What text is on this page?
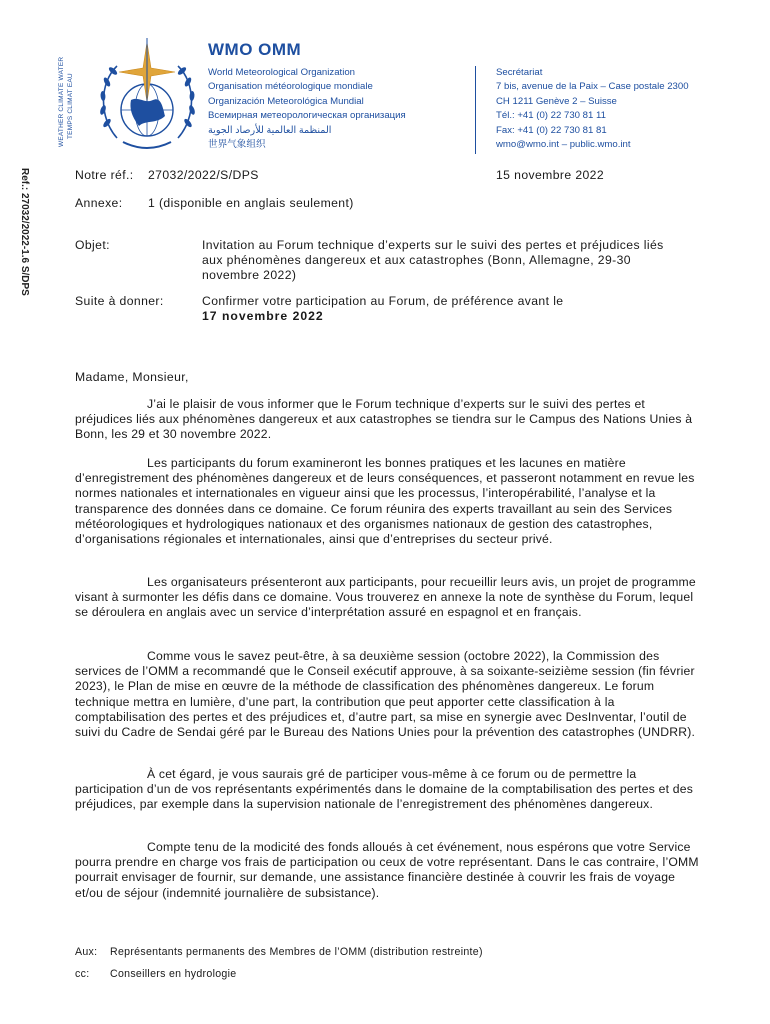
WEATHER CLIMATE WATER TEMPS CLIMAT EAU
WMO OMM
World Meteorological Organization
Organisation météorologique mondiale
Organización Meteorológica Mundial
Всемирная метеорологическая организация
المنظمة العالمية للأرصاد الجوية
世界气象组织
Secrétariat
7 bis, avenue de la Paix – Case postale 2300
CH 1211 Genève 2 – Suisse
Tél.: +41 (0) 22 730 81 11
Fax: +41 (0) 22 730 81 81
wmo@wmo.int – public.wmo.int
Ref.: 27032/2022-1.6 S/DPS	Notre réf.: 27032/2022/S/DPS	15 novembre 2022
Annexe: 1 (disponible en anglais seulement)
Objet:	Invitation au Forum technique d’experts sur le suivi des pertes et préjudices liés aux phénomènes dangereux et aux catastrophes (Bonn, Allemagne, 29-30 novembre 2022)
Suite à donner:	Confirmer votre participation au Forum, de préférence avant le
17 novembre 2022
Madame, Monsieur,
J’ai le plaisir de vous informer que le Forum technique d’experts sur le suivi des pertes et préjudices liés aux phénomènes dangereux et aux catastrophes se tiendra sur le Campus des Nations Unies à Bonn, les 29 et 30 novembre 2022.
Les participants du forum examineront les bonnes pratiques et les lacunes en matière d’enregistrement des phénomènes dangereux et de leurs conséquences, et passeront notamment en revue les normes nationales et internationales en vigueur ainsi que les processus, l’interopérabilité, l’analyse et la transparence des données dans ce domaine. Ce forum réunira des experts travaillant au sein des Services météorologiques et hydrologiques nationaux et des organismes nationaux de gestion des catastrophes, d’organisations régionales et internationales, ainsi que d’entreprises du secteur privé.
Les organisateurs présenteront aux participants, pour recueillir leurs avis, un projet de programme visant à surmonter les défis dans ce domaine. Vous trouverez en annexe la note de synthèse du Forum, lequel se déroulera en anglais avec un service d’interprétation assuré en espagnol et en français.
Comme vous le savez peut-être, à sa deuxième session (octobre 2022), la Commission des services de l’OMM a recommandé que le Conseil exécutif approuve, à sa soixante-seizième session (fin février 2023), le Plan de mise en œuvre de la méthode de classification des phénomènes dangereux. Le forum technique mettra en lumière, d’une part, la contribution que peut apporter cette classification à la comptabilisation des pertes et des préjudices et, d’autre part, sa mise en synergie avec DesInventar, l’outil de suivi du Cadre de Sendai géré par le Bureau des Nations Unies pour la prévention des catastrophes (UNDRR).
À cet égard, je vous saurais gré de participer vous-même à ce forum ou de permettre la participation d’un de vos représentants expérimentés dans le domaine de la comptabilisation des pertes et des préjudices, par exemple dans la supervision nationale de l’enregistrement des phénomènes dangereux.
Compte tenu de la modicité des fonds alloués à cet événement, nous espérons que votre Service pourra prendre en charge vos frais de participation ou ceux de votre représentant. Dans le cas contraire, l’OMM pourrait envisager de fournir, sur demande, une assistance financière destinée à couvrir les frais de voyage et/ou de séjour (indemnité journalière de subsistance).
Aux: Représentants permanents des Membres de l’OMM (distribution restreinte)
cc: Conseillers en hydrologie
